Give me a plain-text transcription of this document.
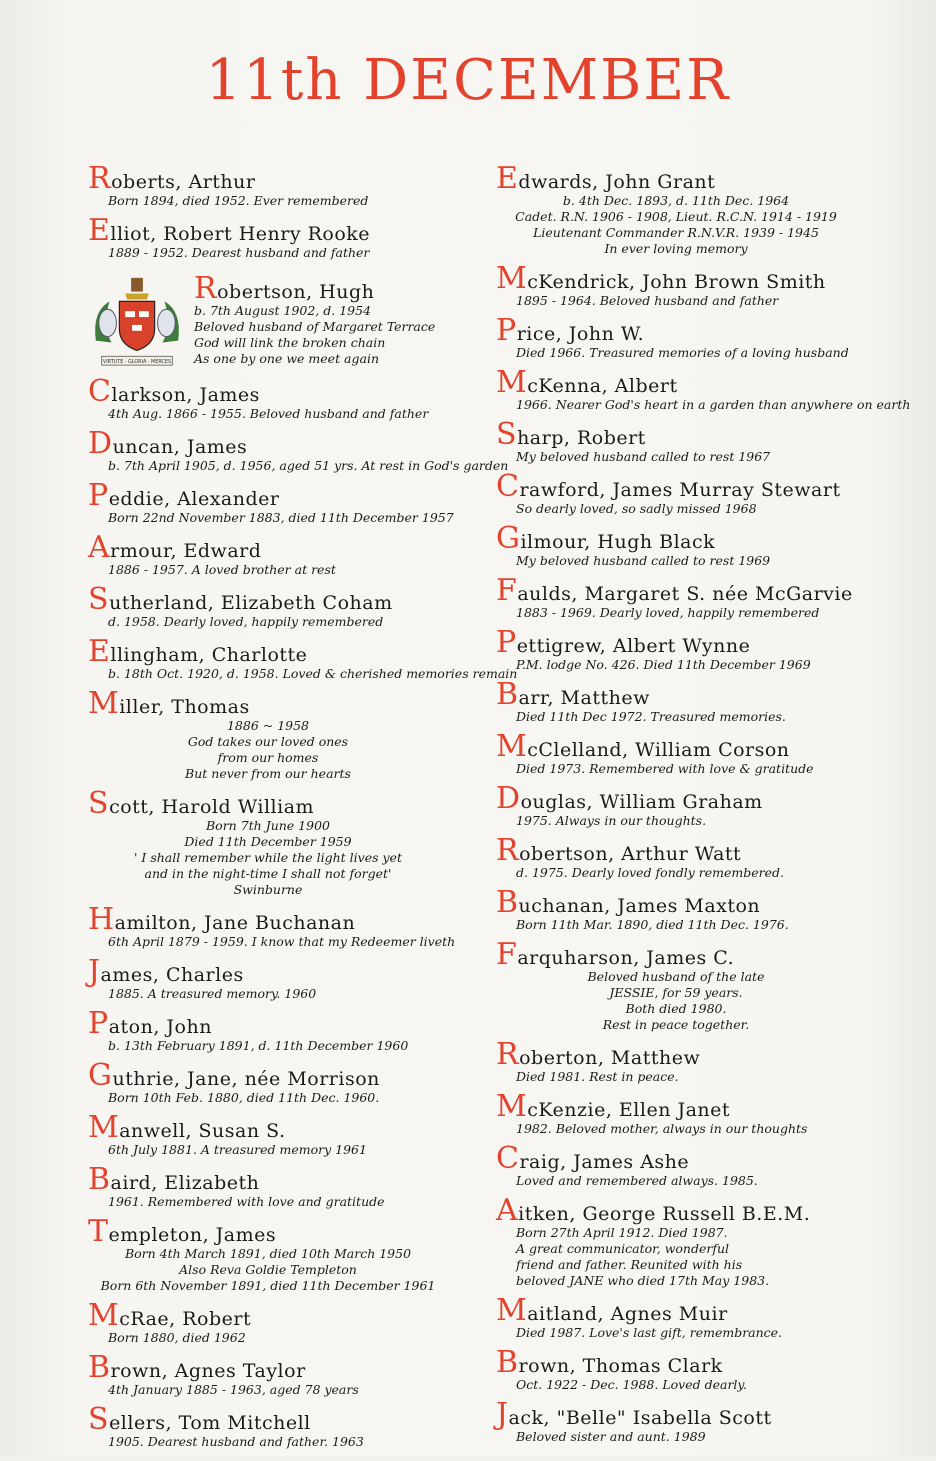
11th DECEMBER
Roberts, Arthur
Born 1894, died 1952. Ever remembered
Elliot, Robert Henry Rooke
1889 - 1952. Dearest husband and father
VIRTUTE · GLORIA · MERCES
Robertson, Hugh
b. 7th August 1902, d. 1954
Beloved husband of Margaret Terrace
God will link the broken chain
As one by one we meet again
Clarkson, James
4th Aug. 1866 - 1955. Beloved husband and father
Duncan, James
b. 7th April 1905, d. 1956, aged 51 yrs. At rest in God's garden
Peddie, Alexander
Born 22nd November 1883, died 11th December 1957
Armour, Edward
1886 - 1957. A loved brother at rest
Sutherland, Elizabeth Coham
d. 1958. Dearly loved, happily remembered
Ellingham, Charlotte
b. 18th Oct. 1920, d. 1958. Loved & cherished memories remain
Miller, Thomas
1886 ~ 1958
God takes our loved ones
from our homes
But never from our hearts
Scott, Harold William
Born 7th June 1900
Died 11th December 1959
' I shall remember while the light lives yet
and in the night-time I shall not forget'
Swinburne
Hamilton, Jane Buchanan
6th April 1879 - 1959. I know that my Redeemer liveth
James, Charles
1885. A treasured memory. 1960
Paton, John
b. 13th February 1891, d. 11th December 1960
Guthrie, Jane, née Morrison
Born 10th Feb. 1880, died 11th Dec. 1960.
Manwell, Susan S.
6th July 1881. A treasured memory 1961
Baird, Elizabeth
1961. Remembered with love and gratitude
Templeton, James
Born 4th March 1891, died 10th March 1950
Also Reva Goldie Templeton
Born 6th November 1891, died 11th December 1961
McRae, Robert
Born 1880, died 1962
Brown, Agnes Taylor
4th January 1885 - 1963, aged 78 years
Sellers, Tom Mitchell
1905. Dearest husband and father. 1963
Edwards, John Grant
b. 4th Dec. 1893, d. 11th Dec. 1964
Cadet. R.N. 1906 - 1908, Lieut. R.C.N. 1914 - 1919
Lieutenant Commander R.N.V.R. 1939 - 1945
In ever loving memory
McKendrick, John Brown Smith
1895 - 1964. Beloved husband and father
Price, John W.
Died 1966. Treasured memories of a loving husband
McKenna, Albert
1966. Nearer God's heart in a garden than anywhere on earth
Sharp, Robert
My beloved husband called to rest 1967
Crawford, James Murray Stewart
So dearly loved, so sadly missed 1968
Gilmour, Hugh Black
My beloved husband called to rest 1969
Faulds, Margaret S. née McGarvie
1883 - 1969. Dearly loved, happily remembered
Pettigrew, Albert Wynne
P.M. lodge No. 426. Died 11th December 1969
Barr, Matthew
Died 11th Dec 1972. Treasured memories.
McClelland, William Corson
Died 1973. Remembered with love & gratitude
Douglas, William Graham
1975. Always in our thoughts.
Robertson, Arthur Watt
d. 1975. Dearly loved fondly remembered.
Buchanan, James Maxton
Born 11th Mar. 1890, died 11th Dec. 1976.
Farquharson, James C.
Beloved husband of the late
JESSIE, for 59 years.
Both died 1980.
Rest in peace together.
Roberton, Matthew
Died 1981. Rest in peace.
McKenzie, Ellen Janet
1982. Beloved mother, always in our thoughts
Craig, James Ashe
Loved and remembered always. 1985.
Aitken, George Russell B.E.M.
Born 27th April 1912. Died 1987.
A great communicator, wonderful
friend and father. Reunited with his
beloved JANE who died 17th May 1983.
Maitland, Agnes Muir
Died 1987. Love's last gift, remembrance.
Brown, Thomas Clark
Oct. 1922 - Dec. 1988. Loved dearly.
Jack, "Belle" Isabella Scott
Beloved sister and aunt. 1989
